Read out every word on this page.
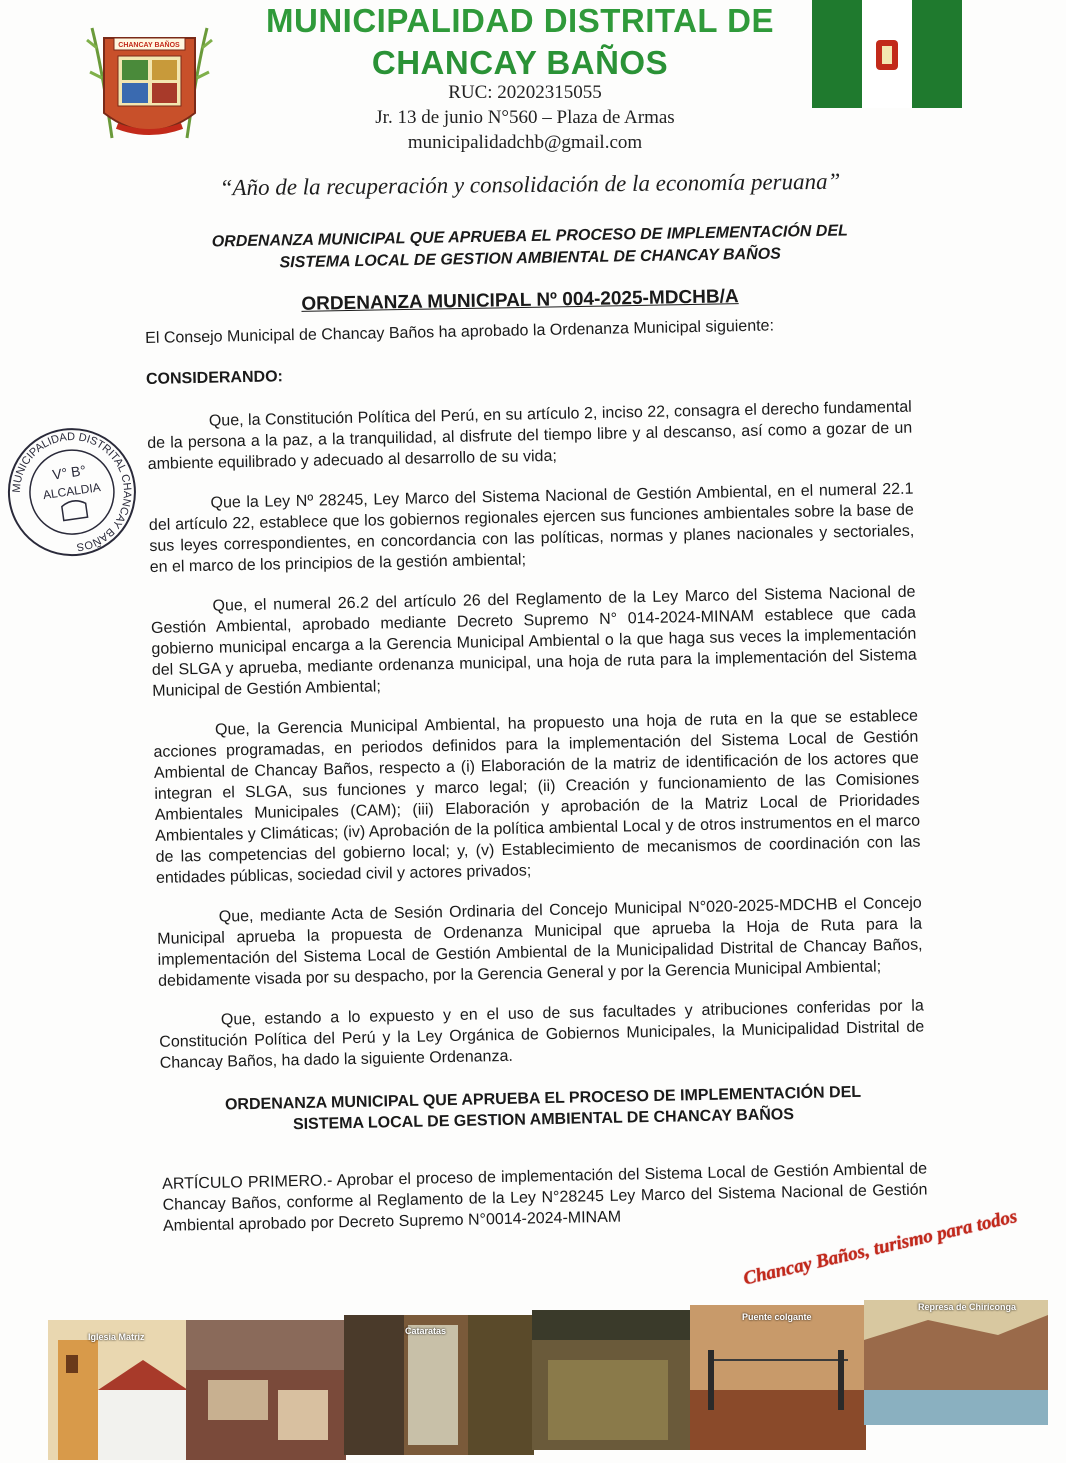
CHANCAY BAÑOS
MUNICIPALIDAD DISTRITAL DE
CHANCAY BAÑOS
RUC: 20202315055
Jr. 13 de junio N°560 – Plaza de Armas
municipalidadchb@gmail.com
“Año de la recuperación y consolidación de la economía peruana”
ORDENANZA MUNICIPAL QUE APRUEBA EL PROCESO DE IMPLEMENTACIÓN DEL
SISTEMA LOCAL DE GESTION AMBIENTAL DE CHANCAY BAÑOS
ORDENANZA MUNICIPAL Nº 004-2025-MDCHB/A
MUNICIPALIDAD DISTRITAL CHANCAY BAÑOS
V° B°
ALCALDIA

El Consejo Municipal de Chancay Baños ha aprobado la Ordenanza Municipal siguiente:

CONSIDERANDO:

Que, la Constitución Política del Perú, en su artículo 2, inciso 22, consagra el derecho fundamental de la persona a la paz, a la tranquilidad, al disfrute del tiempo libre y al descanso, así como a gozar de un ambiente equilibrado y adecuado al desarrollo de su vida;

Que la Ley Nº 28245, Ley Marco del Sistema Nacional de Gestión Ambiental, en el numeral 22.1 del artículo 22, establece que los gobiernos regionales ejercen sus funciones ambientales sobre la base de sus leyes correspondientes, en concordancia con las políticas, normas y planes nacionales y sectoriales, en el marco de los principios de la gestión ambiental;

Que, el numeral 26.2 del artículo 26 del Reglamento de la Ley Marco del Sistema Nacional de Gestión Ambiental, aprobado mediante Decreto Supremo N° 014-2024-MINAM establece que cada gobierno municipal encarga a la Gerencia Municipal Ambiental o la que haga sus veces la implementación del SLGA y aprueba, mediante ordenanza municipal, una hoja de ruta para la implementación del Sistema Municipal de Gestión Ambiental;

Que, la Gerencia Municipal Ambiental, ha propuesto una hoja de ruta en la que se establece acciones programadas, en periodos definidos para la implementación del Sistema Local de Gestión Ambiental de Chancay Baños, respecto a (i) Elaboración de la matriz de identificación de los actores que integran el SLGA, sus funciones y marco legal; (ii) Creación y funcionamiento de las Comisiones Ambientales Municipales (CAM); (iii) Elaboración y aprobación de la Matriz Local de Prioridades Ambientales y Climáticas; (iv) Aprobación de la política ambiental Local y de otros instrumentos en el marco de las competencias del gobierno local; y, (v) Establecimiento de mecanismos de coordinación con las entidades públicas, sociedad civil y actores privados;

Que, mediante Acta de Sesión Ordinaria del Concejo Municipal N°020-2025-MDCHB el Concejo Municipal aprueba la propuesta de Ordenanza Municipal que aprueba la Hoja de Ruta para la implementación del Sistema Local de Gestión Ambiental de la Municipalidad Distrital de Chancay Baños, debidamente visada por su despacho, por la Gerencia General y por la Gerencia Municipal Ambiental;

Que, estando a lo expuesto y en el uso de sus facultades y atribuciones conferidas por la Constitución Política del Perú y la Ley Orgánica de Gobiernos Municipales, la Municipalidad Distrital de Chancay Baños, ha dado la siguiente Ordenanza.

ORDENANZA MUNICIPAL QUE APRUEBA EL PROCESO DE IMPLEMENTACIÓN DEL
SISTEMA LOCAL DE GESTION AMBIENTAL DE CHANCAY BAÑOS

ARTÍCULO PRIMERO.- Aprobar el proceso de implementación del Sistema Local de Gestión Ambiental de Chancay Baños, conforme al Reglamento de la Ley N°28245 Ley Marco del Sistema Nacional de Gestión Ambiental aprobado por Decreto Supremo N°0014-2024-MINAM	Chancay Baños, turismo para todos
Iglesia Matriz
Cataratas
Puente colgante
Represa de Chiriconga
